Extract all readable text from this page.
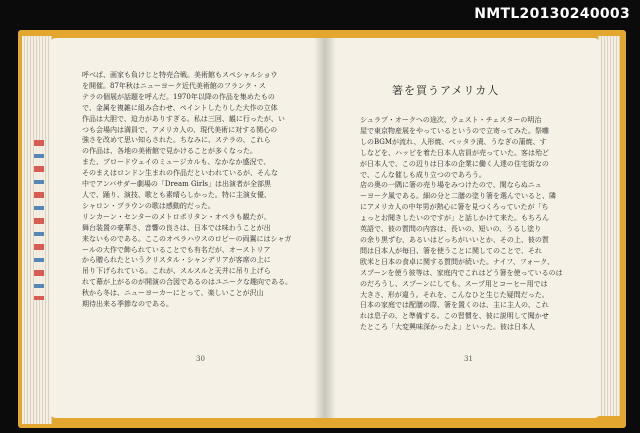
NMTL20130240003
呼べば、画家も負けじと特売合戦。美術館もスペシャルショウ
を開催。87年秋はニューヨーク近代美術館のフランク・ス
テラの個展が話題を呼んだ。1970年以降の作品を集めたもの
で、金属を複雑に組み合わせ、ペイントしたりした大作の立体
作品は大胆で、迫力がありすぎる。私は三回、観に行ったが、い
つも会場内は満員で、アメリカ人の、現代美術に対する関心の
強さを改めて思い知らされた。ちなみに、ステラの、これら
の作品は、各地の美術館で見かけることが多くなった。
また、ブロードウェイのミュージカルも、なかなか盛況で、
そのまえはロンドン生まれの作品だといわれているが、そんな
中でアンバサダー劇場の「Dream Girls」は出演者が全部黒
人で、踊り、演技、歌とも素晴らしかった。特に主演女優、
シャロン・ブラウンの歌は感動的だった。
リンカーン・センターのメトロポリタン・オペラも観たが、
舞台装置の豪華さ、音響の良さは、日本では味わうことが出
来ないものである。ここのオペラハウスのロビーの両翼にはシャガ
ールの大作で飾られていることでも有名だが、オーストリア
から贈られたというクリスタル・シャンデリアが客席の上に
吊り下げられている。これが、スルスルと天井に吊り上げら
れて幕が上がるのが開演の合図であるのはユニークな趣向である。
秋から冬は、ニューヨーカーにとって、楽しいことが沢山
期待出来る季節なのである。
箸を買うアメリカ人
シュラブ・オークへの途次、ウェスト・チェスターの明治
屋で東京物産展をやっているというので立寄ってみた。祭囃
しのBGMが流れ、人形焼、ベッタラ漬、うなぎの蒲焼、す
しなどを、ハッピを着た日本人店員が売っていた。客は殆ど
が日本人で、この辺りは日本の企業に働く人達の住宅街なの
で、こんな催しも成り立つのであろう。
店の奥の一隅に箸の売り場をみつけたので、閑ならぬニュ
ーヨーク風である。細の分と二膳の塗り箸を選んでいると、隣
にアメリカ人の中年男が熱心に箸を見つくろっていたが「ち
ょっとお聞きしたいのですが」と話しかけて来た。もちろん
英語で、彼の質問の内容は、長いの、短いの、うるし塗り
の余り黒ずむ、あるいはどっちがいいとか、その上、彼の質
問は日本人が毎日、箸を使うことに関してのことで、それ
欧米と日本の食卓に関する質問が続いた。ナイフ、フォーク、
スプーンを使う彼等は、家庭内でこれはどう箸を使っているのは
のだろうし、スプーンにしても、スープ用とコーヒー用では
大きさ、形が違う。それを、こんなひと生じた疑問だった。
日本の家庭では配膳の際、箸を置くのは、主に主人の、これ
れは息子の、と準備する。この習慣を、彼に説明して聞かせ
たところ「大変興味深かったよ」といった。彼は日本人
30	31
